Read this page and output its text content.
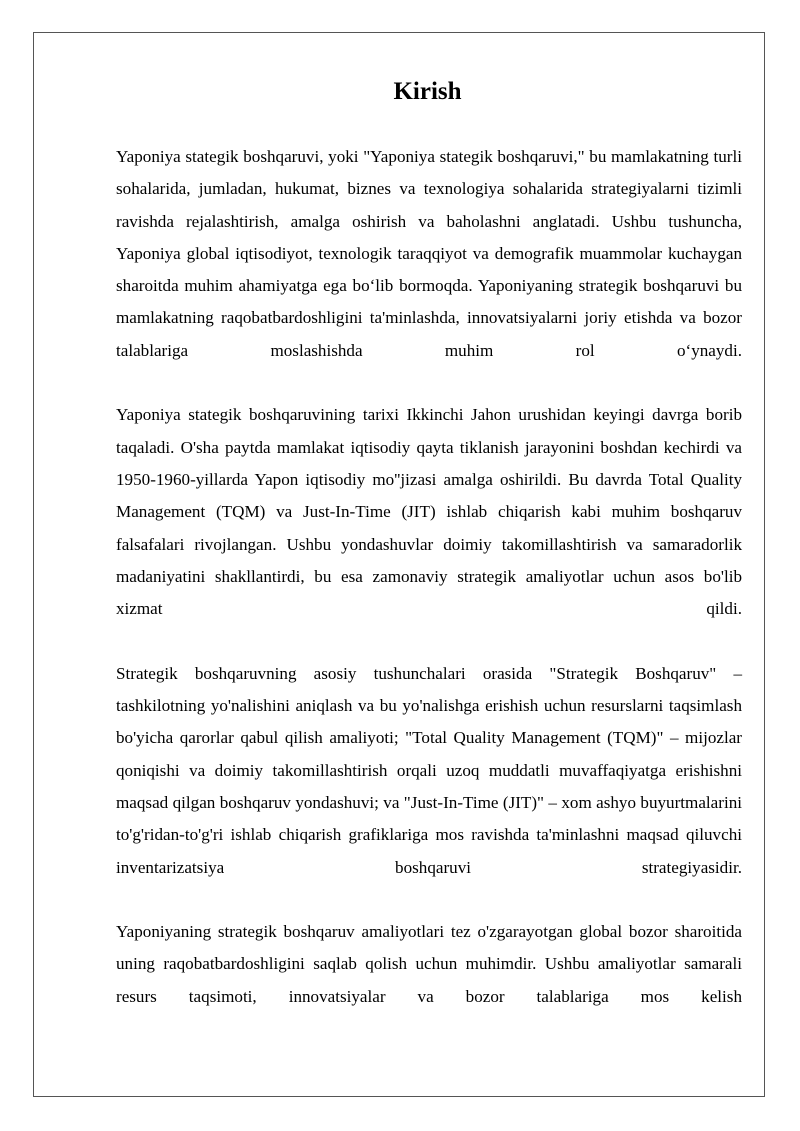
Kirish

Yaponiya stategik boshqaruvi, yoki "Yaponiya stategik boshqaruvi," bu mamlakatning turli sohalarida, jumladan, hukumat, biznes va texnologiya sohalarida strategiyalarni tizimli ravishda rejalashtirish, amalga oshirish va baholashni anglatadi. Ushbu tushuncha, Yaponiya global iqtisodiyot, texnologik taraqqiyot va demografik muammolar kuchaygan sharoitda muhim ahamiyatga ega bo‘lib bormoqda. Yaponiyaning strategik boshqaruvi bu mamlakatning raqobatbardoshligini ta'minlashda, innovatsiyalarni joriy etishda va bozor talablariga moslashishda muhim rol o‘ynaydi.

Yaponiya stategik boshqaruvining tarixi Ikkinchi Jahon urushidan keyingi davrga borib taqaladi. O'sha paytda mamlakat iqtisodiy qayta tiklanish jarayonini boshdan kechirdi va 1950-1960-yillarda Yapon iqtisodiy mo''jizasi amalga oshirildi. Bu davrda Total Quality Management (TQM) va Just-In-Time (JIT) ishlab chiqarish kabi muhim boshqaruv falsafalari rivojlangan. Ushbu yondashuvlar doimiy takomillashtirish va samaradorlik madaniyatini shakllantirdi, bu esa zamonaviy strategik amaliyotlar uchun asos bo'lib xizmat qildi.

Strategik boshqaruvning asosiy tushunchalari orasida "Strategik Boshqaruv" – tashkilotning yo'nalishini aniqlash va bu yo'nalishga erishish uchun resurslarni taqsimlash bo'yicha qarorlar qabul qilish amaliyoti; "Total Quality Management (TQM)" – mijozlar qoniqishi va doimiy takomillashtirish orqali uzoq muddatli muvaffaqiyatga erishishni maqsad qilgan boshqaruv yondashuvi; va "Just-In-Time (JIT)" – xom ashyo buyurtmalarini to'g'ridan-to'g'ri ishlab chiqarish grafiklariga mos ravishda ta'minlashni maqsad qiluvchi inventarizatsiya boshqaruvi strategiyasidir.

Yaponiyaning strategik boshqaruv amaliyotlari tez o'zgarayotgan global bozor sharoitida uning raqobatbardoshligini saqlab qolish uchun muhimdir. Ushbu amaliyotlar samarali resurs taqsimoti, innovatsiyalar va bozor talablariga mos kelish
